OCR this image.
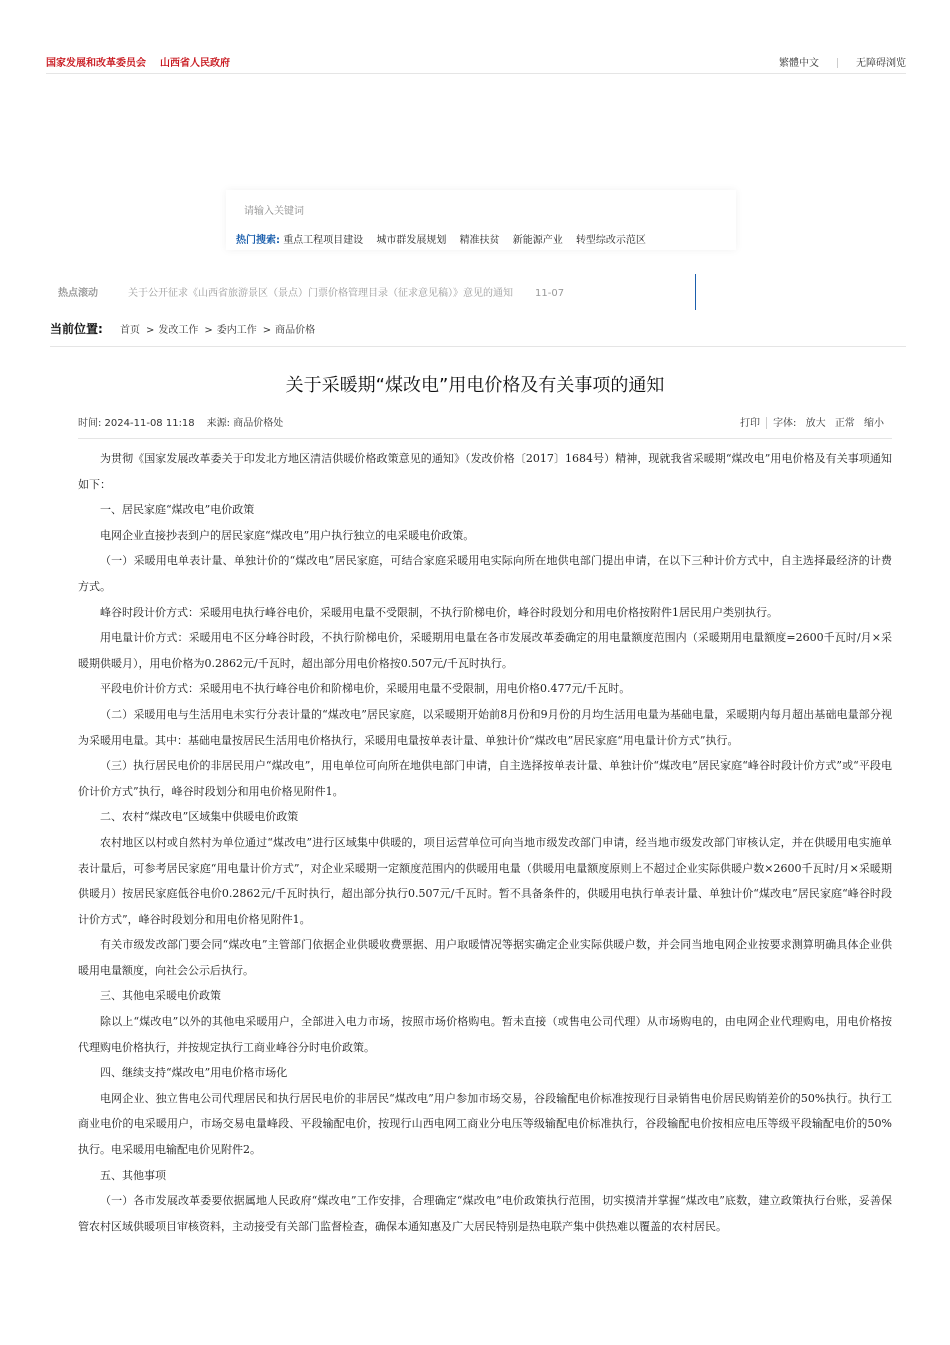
国家发展和改革委员会 山西省人民政府	繁體中文	无障碍浏览
请输入关键词
热门搜索: 重点工程项目建设 城市群发展规划 精准扶贫 新能源产业 转型综改示范区
热点滚动	关于公开征求《山西省旅游景区（景点）门票价格管理目录（征求意见稿）》意见的通知 11-07
当前位置: 首页 > 发改工作 > 委内工作 > 商品价格
关于采暖期“煤改电”用电价格及有关事项的通知
时间: 2024-11-08 11:18 来源: 商品价格处	打印 字体: 放大 正常 缩小

为贯彻《国家发展改革委关于印发北方地区清洁供暖价格政策意见的通知》（发改价格〔2017〕1684号）精神，现就我省采暖期“煤改电”用电价格及有关事项通知如下：

一、居民家庭“煤改电”电价政策

电网企业直接抄表到户的居民家庭“煤改电”用户执行独立的电采暖电价政策。

（一）采暖用电单表计量、单独计价的“煤改电”居民家庭，可结合家庭采暖用电实际向所在地供电部门提出申请，在以下三种计价方式中，自主选择最经济的计费方式。

峰谷时段计价方式：采暖用电执行峰谷电价，采暖用电量不受限制，不执行阶梯电价，峰谷时段划分和用电价格按附件1居民用户类别执行。

用电量计价方式：采暖用电不区分峰谷时段，不执行阶梯电价，采暖期用电量在各市发展改革委确定的用电量额度范围内（采暖期用电量额度=2600千瓦时/月×采暖期供暖月），用电价格为0.2862元/千瓦时，超出部分用电价格按0.507元/千瓦时执行。

平段电价计价方式：采暖用电不执行峰谷电价和阶梯电价，采暖用电量不受限制，用电价格0.477元/千瓦时。

（二）采暖用电与生活用电未实行分表计量的“煤改电”居民家庭，以采暖期开始前8月份和9月份的月均生活用电量为基础电量，采暖期内每月超出基础电量部分视为采暖用电量。其中：基础电量按居民生活用电价格执行，采暖用电量按单表计量、单独计价“煤改电”居民家庭“用电量计价方式”执行。

（三）执行居民电价的非居民用户“煤改电”，用电单位可向所在地供电部门申请，自主选择按单表计量、单独计价“煤改电”居民家庭“峰谷时段计价方式”或“平段电价计价方式”执行，峰谷时段划分和用电价格见附件1。

二、农村“煤改电”区域集中供暖电价政策

农村地区以村或自然村为单位通过“煤改电”进行区域集中供暖的，项目运营单位可向当地市级发改部门申请，经当地市级发改部门审核认定，并在供暖用电实施单表计量后，可参考居民家庭“用电量计价方式”，对企业采暖期一定额度范围内的供暖用电量（供暖用电量额度原则上不超过企业实际供暖户数×2600千瓦时/月×采暖期供暖月）按居民家庭低谷电价0.2862元/千瓦时执行，超出部分执行0.507元/千瓦时。暂不具备条件的，供暖用电执行单表计量、单独计价“煤改电”居民家庭“峰谷时段计价方式”，峰谷时段划分和用电价格见附件1。

有关市级发改部门要会同“煤改电”主管部门依据企业供暖收费票据、用户取暖情况等据实确定企业实际供暖户数，并会同当地电网企业按要求测算明确具体企业供暖用电量额度，向社会公示后执行。

三、其他电采暖电价政策

除以上“煤改电”以外的其他电采暖用户，全部进入电力市场，按照市场价格购电。暂未直接（或售电公司代理）从市场购电的，由电网企业代理购电，用电价格按代理购电价格执行，并按规定执行工商业峰谷分时电价政策。

四、继续支持“煤改电”用电价格市场化

电网企业、独立售电公司代理居民和执行居民电价的非居民“煤改电”用户参加市场交易，谷段输配电价标准按现行目录销售电价居民购销差价的50%执行。执行工商业电价的电采暖用户，市场交易电量峰段、平段输配电价，按现行山西电网工商业分电压等级输配电价标准执行，谷段输配电价按相应电压等级平段输配电价的50%执行。电采暖用电输配电价见附件2。

五、其他事项

（一）各市发展改革委要依据属地人民政府“煤改电”工作安排，合理确定“煤改电”电价政策执行范围，切实摸清并掌握“煤改电”底数，建立政策执行台账，妥善保管农村区域供暖项目审核资料，主动接受有关部门监督检查，确保本通知惠及广大居民特别是热电联产集中供热难以覆盖的农村居民。
